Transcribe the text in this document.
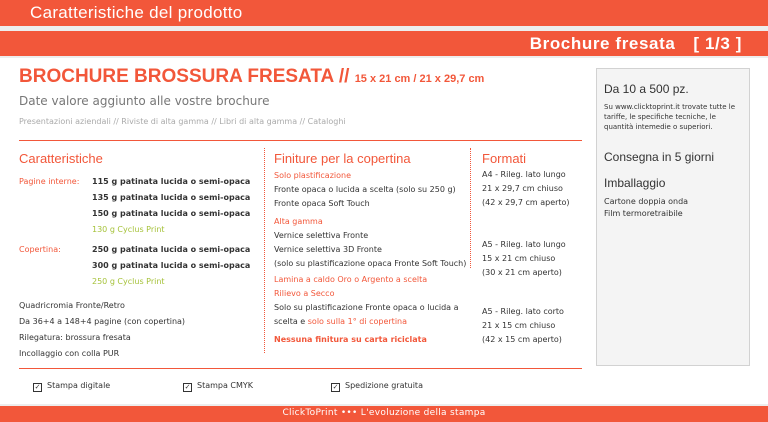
Caratteristiche del prodotto
Brochure fresata [ 1/3 ]
BROCHURE BROSSURA FRESATA // 15 x 21 cm / 21 x 29,7 cm
Date valore aggiunto alle vostre brochure
Presentazioni aziendali // Riviste di alta gamma // Libri di alta gamma // Cataloghi
Caratteristiche
Pagine interne: 115 g patinata lucida o semi-opaca
135 g patinata lucida o semi-opaca
150 g patinata lucida o semi-opaca
130 g Cyclus Print
Copertina:	250 g patinata lucida o semi-opaca
300 g patinata lucida o semi-opaca
250 g Cyclus Print
Quadricromia Fronte/Retro
Da 36+4 a 148+4 pagine (con copertina)
Rilegatura: brossura fresata
Incollaggio con colla PUR
Finiture per la copertina
Solo plastificazione
Fronte opaca o lucida a scelta (solo su 250 g)
Fronte opaca Soft Touch
Alta gamma
Vernice selettiva Fronte
Vernice selettiva 3D Fronte
(solo su plastificazione opaca Fronte Soft Touch)
Lamina a caldo Oro o Argento a scelta
Rilievo a Secco
Solo su plastificazione Fronte opaca o lucida a
scelta e solo sulla 1° di copertina
Nessuna finitura su carta riciclata
Formati
A4 - Rileg. lato lungo
21 x 29,7 cm chiuso
(42 x 29,7 cm aperto)
A5 - Rileg. lato lungo
15 x 21 cm chiuso
(30 x 21 cm aperto)
A5 - Rileg. lato corto
21 x 15 cm chiuso
(42 x 15 cm aperto)
✓ Stampa digitale	✓ Stampa CMYK	✓ Spedizione gratuita
Da 10 a 500 pz.
Su www.clicktoprint.it trovate tutte le tariffe, le specifiche tecniche, le quantità intemedie o superiori.
Consegna in 5 giorni
Imballaggio
Cartone doppia onda
Film termoretraibile
ClickToPrint ••• L'evoluzione della stampa
